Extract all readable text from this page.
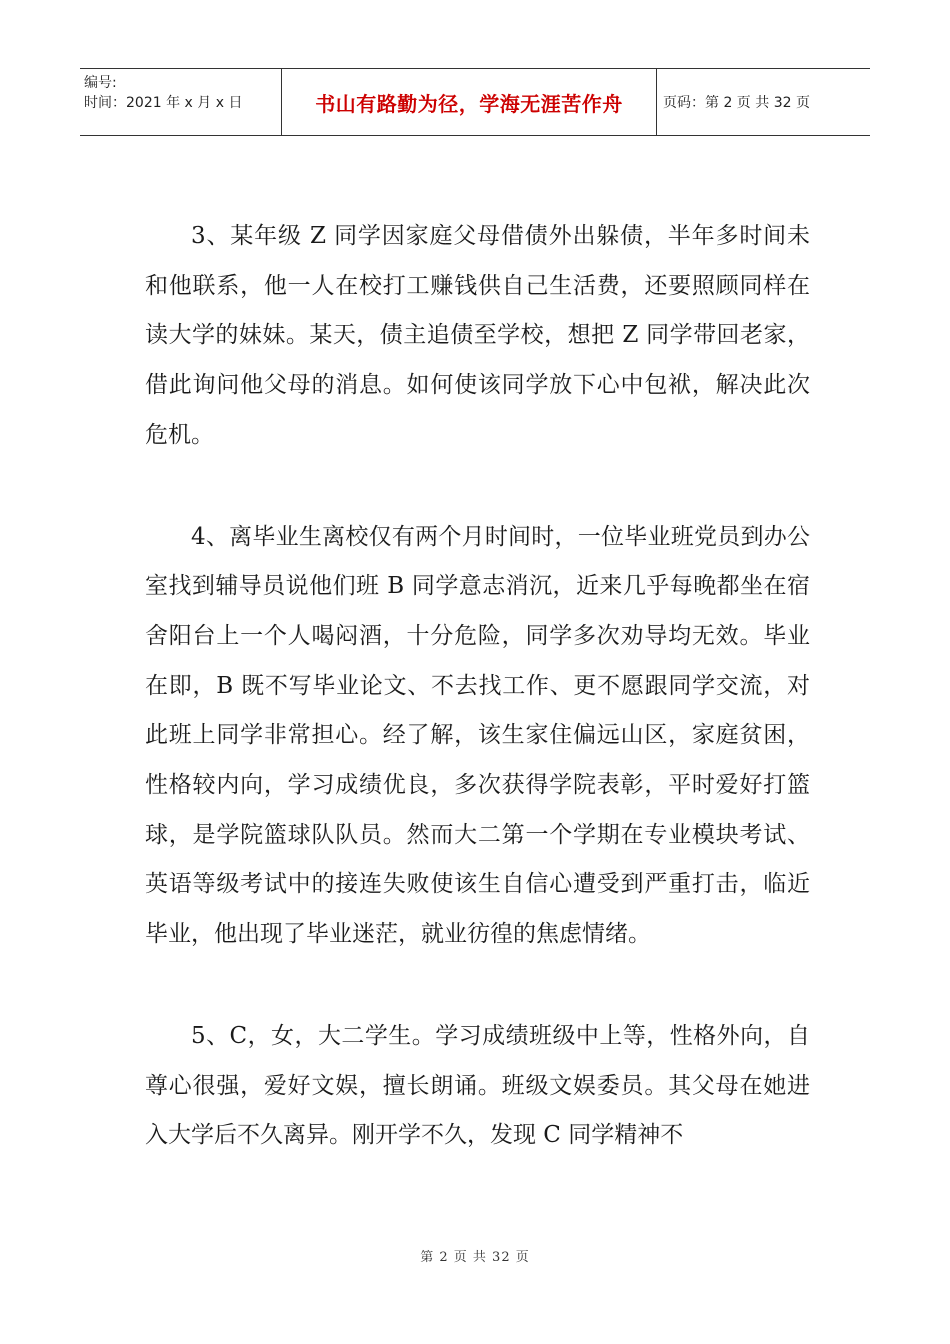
编号:
时间：2021 年 x 月 x 日	书山有路勤为径，学海无涯苦作舟	页码：第 2 页 共 32 页

3、某年级 Z 同学因家庭父母借债外出躲债，半年多时间未和他联系，他一人在校打工赚钱供自己生活费，还要照顾同样在读大学的妹妹。某天，债主追债至学校，想把 Z 同学带回老家，借此询问他父母的消息。如何使该同学放下心中包袱，解决此次危机。

4、离毕业生离校仅有两个月时间时，一位毕业班党员到办公室找到辅导员说他们班 B 同学意志消沉，近来几乎每晚都坐在宿舍阳台上一个人喝闷酒，十分危险，同学多次劝导均无效。毕业在即，B 既不写毕业论文、不去找工作、更不愿跟同学交流，对此班上同学非常担心。经了解，该生家住偏远山区，家庭贫困，性格较内向，学习成绩优良，多次获得学院表彰，平时爱好打篮球，是学院篮球队队员。然而大二第一个学期在专业模块考试、英语等级考试中的接连失败使该生自信心遭受到严重打击，临近毕业，他出现了毕业迷茫，就业彷徨的焦虑情绪。

5、C，女，大二学生。学习成绩班级中上等，性格外向，自尊心很强，爱好文娱，擅长朗诵。班级文娱委员。其父母在她进入大学后不久离异。刚开学不久，发现 C 同学精神不

第 2 页 共 32 页
